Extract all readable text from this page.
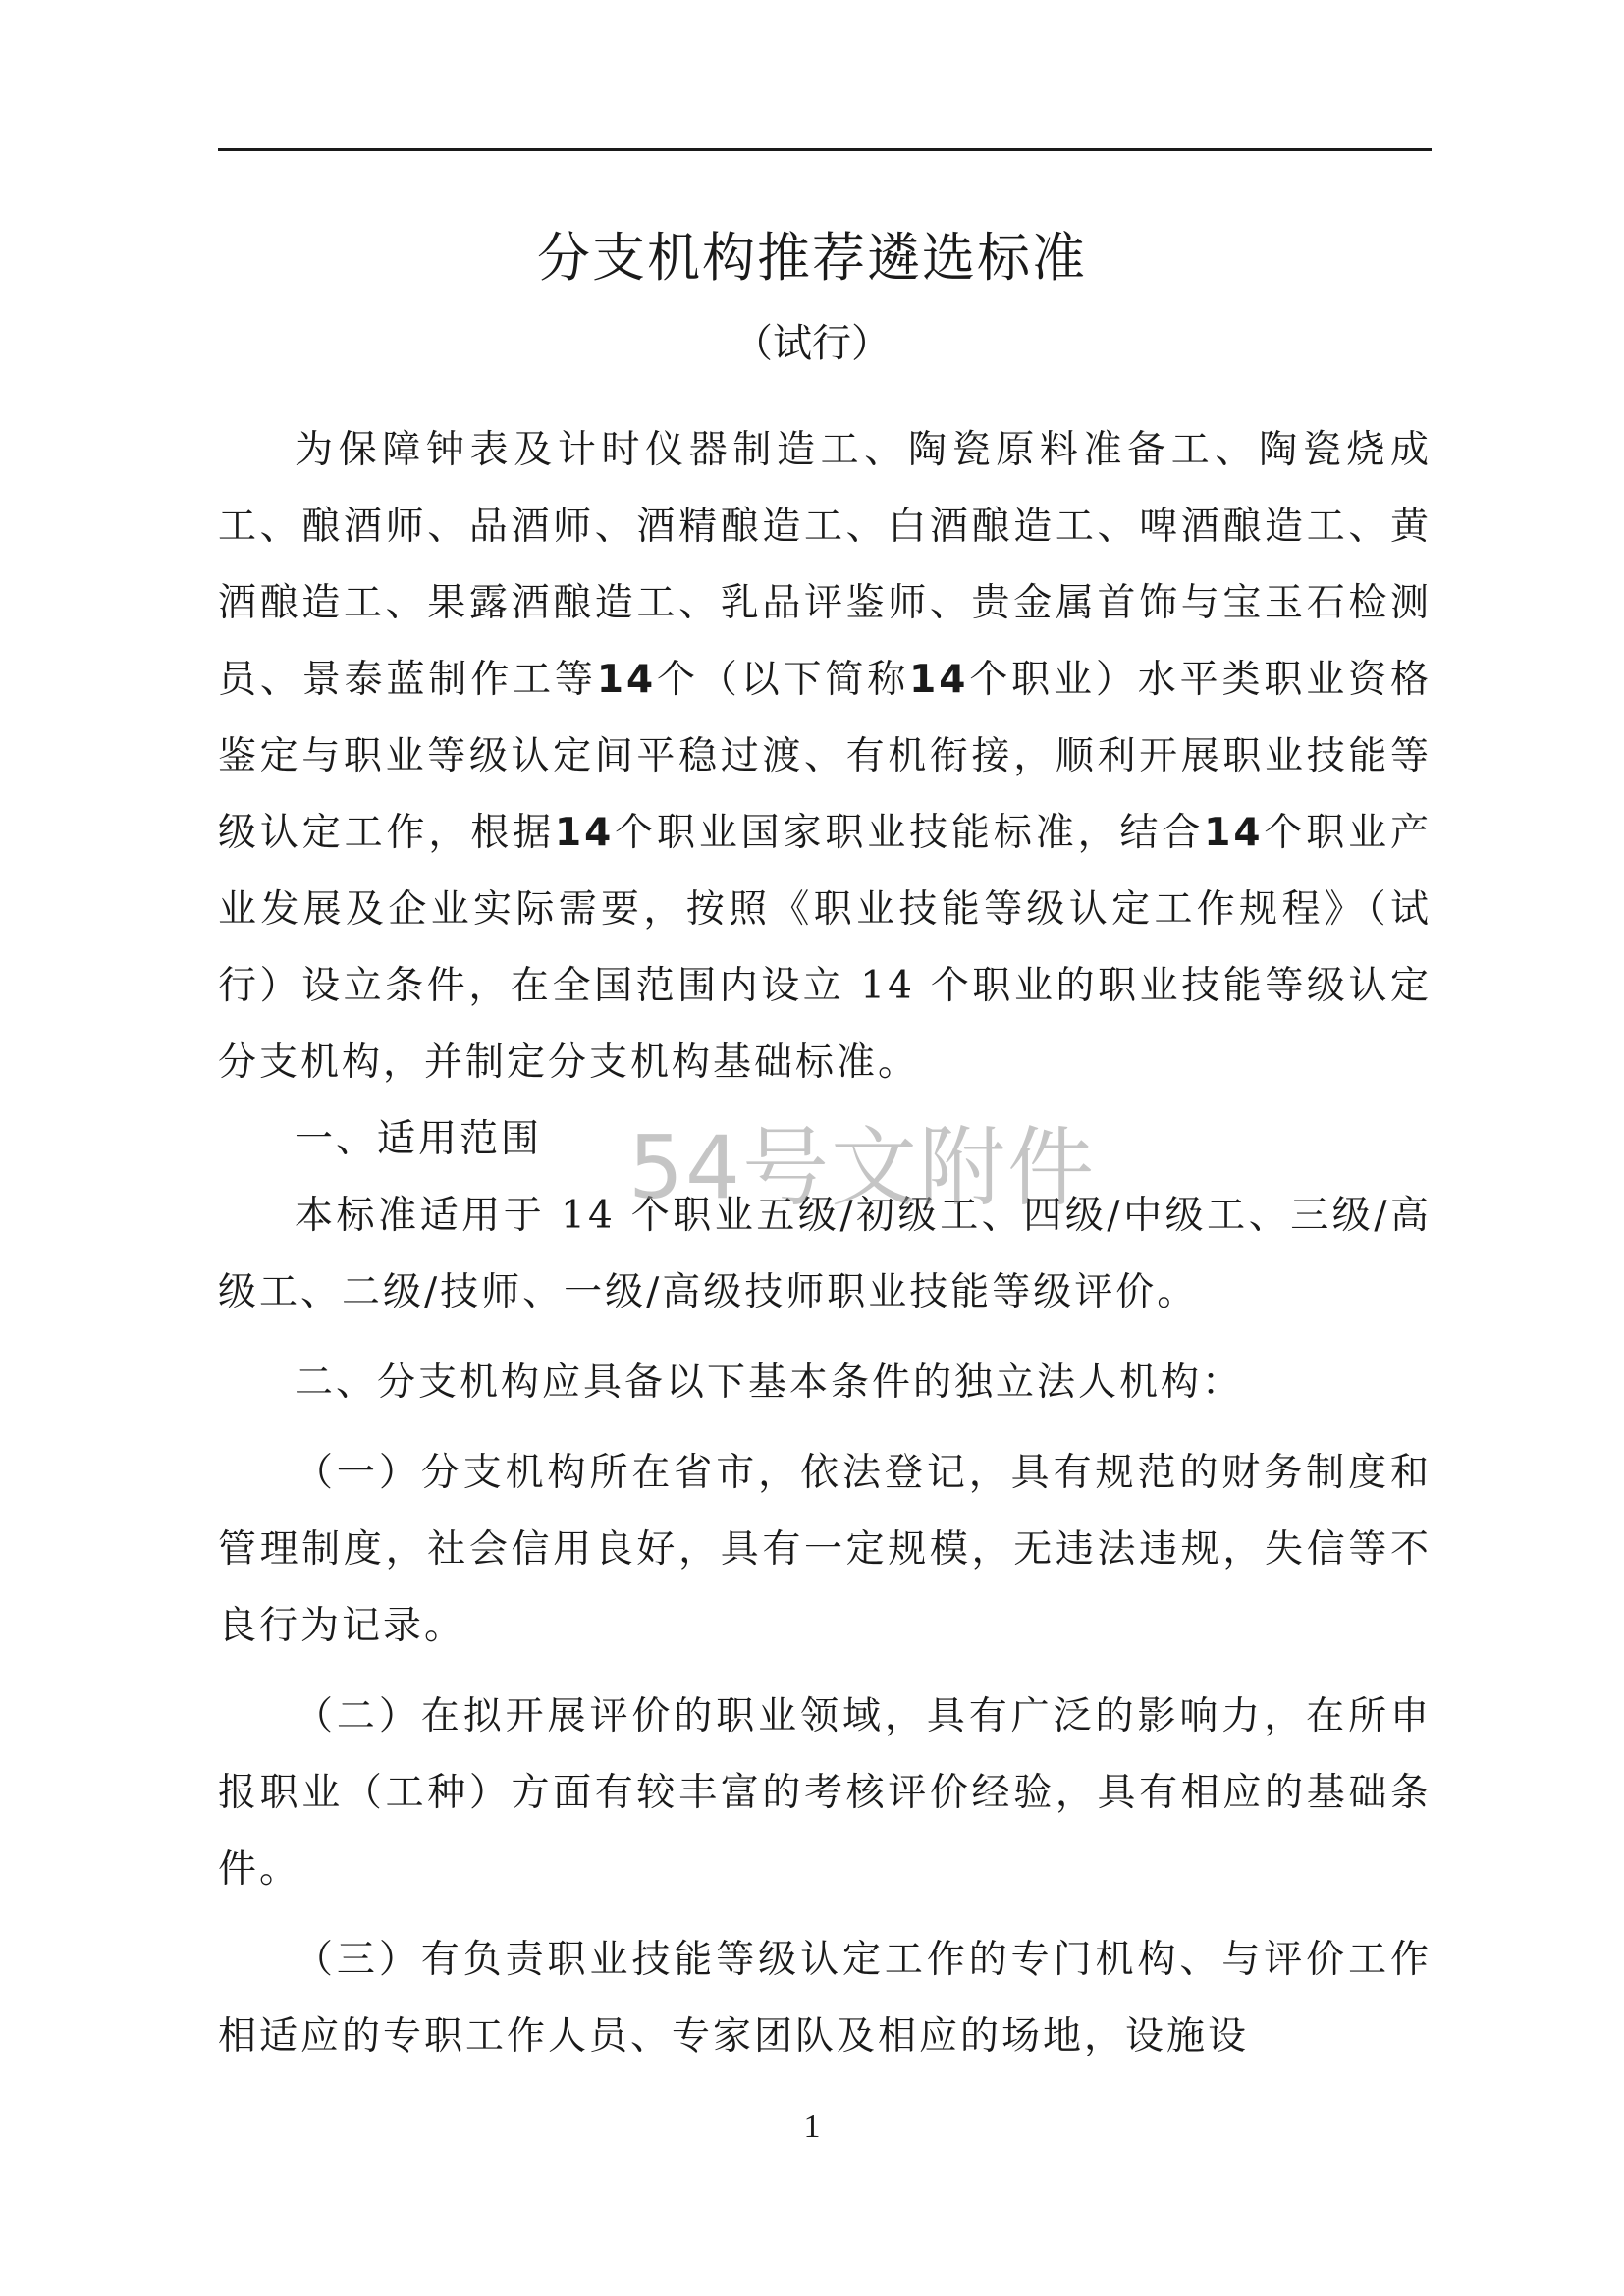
分支机构推荐遴选标准
（试行）

为保障钟表及计时仪器制造工、陶瓷原料准备工、陶瓷烧成工、酿酒师、品酒师、酒精酿造工、白酒酿造工、啤酒酿造工、黄酒酿造工、果露酒酿造工、乳品评鉴师、贵金属首饰与宝玉石检测员、景泰蓝制作工等14个（以下简称14个职业）水平类职业资格鉴定与职业等级认定间平稳过渡、有机衔接，顺利开展职业技能等级认定工作，根据14个职业国家职业技能标准，结合14个职业产业发展及企业实际需要，按照《职业技能等级认定工作规程》（试行）设立条件，在全国范围内设立 14 个职业的职业技能等级认定分支机构，并制定分支机构基础标准。

一、适用范围

本标准适用于 14 个职业五级/初级工、四级/中级工、三级/高级工、二级/技师、一级/高级技师职业技能等级评价。

二、分支机构应具备以下基本条件的独立法人机构：

（一）分支机构所在省市，依法登记，具有规范的财务制度和管理制度，社会信用良好，具有一定规模，无违法违规，失信等不良行为记录。

（二）在拟开展评价的职业领域，具有广泛的影响力，在所申报职业（工种）方面有较丰富的考核评价经验，具有相应的基础条件。

（三）有负责职业技能等级认定工作的专门机构、与评价工作相适应的专职工作人员、专家团队及相应的场地，设施设

54号文附件
1
